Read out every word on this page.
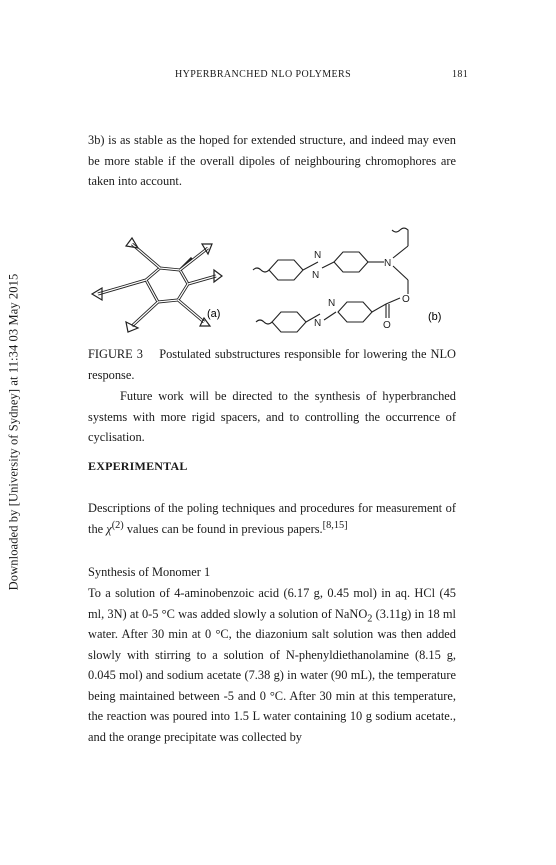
Downloaded by [University of Sydney] at 11:34 03 May 2015
HYPERBRANCHED NLO POLYMERS	181

3b) is as stable as the hoped for extended structure, and indeed may even be more stable if the overall dipoles of neighbouring chromophores are taken into account.

(a)
N
N
N
N
N
O
O
(b)

FIGURE 3 Postulated substructures responsible for lowering the NLO response.

Future work will be directed to the synthesis of hyperbranched systems with more rigid spacers, and to controlling the occurrence of cyclisation.

EXPERIMENTAL

Descriptions of the poling techniques and procedures for measurement of the $\chi^{(2)}$ values can be found in previous papers.[8,15]

Synthesis of Monomer 1

To a solution of 4-aminobenzoic acid (6.17 g, 0.45 mol) in aq. HCl (45 ml, 3N) at 0-5 °C was added slowly a solution of NaNO$_2$ (3.11g) in 18 ml water. After 30 min at 0 °C, the diazonium salt solution was then added slowly with stirring to a solution of N-phenyldiethanolamine (8.15 g, 0.045 mol) and sodium acetate (7.38 g) in water (90 mL), the temperature being maintained between -5 and 0 °C. After 30 min at this temperature, the reaction was poured into 1.5 L water containing 10 g sodium acetate., and the orange precipitate was collected by
